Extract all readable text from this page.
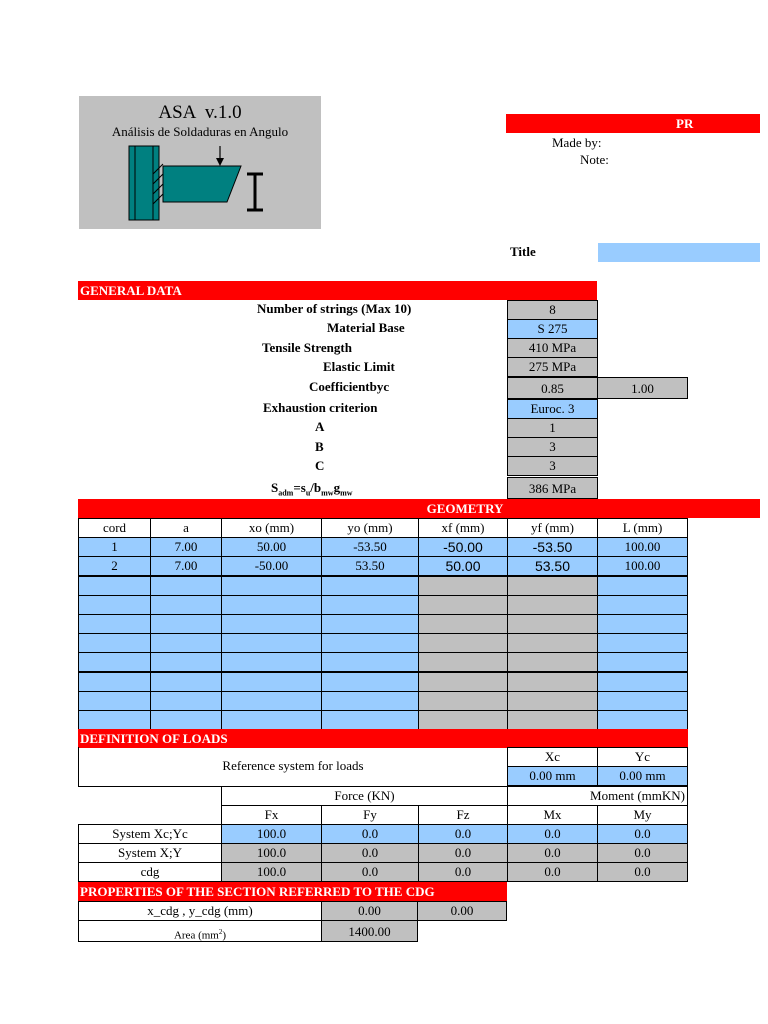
ASA  v.1.0
Análisis de Soldaduras en Angulo
PR
Made by:
Note:
Title
GENERAL DATA
Number of strings (Max 10)	8
Material Base	S 275
Tensile Strength	410 MPa
Elastic Limit	275 MPa
Coefficientbyc	0.85	1.00
Exhaustion criterion	Euroc. 3
A	1
B	3
C	3
$S_{adm}=s_u/b_{mw}g_{mw}$	386 MPa
GEOMETRY
cord	a	xo (mm)	yo (mm)	xf (mm)	yf (mm)	L (mm)
1	7.00	50.00	-53.50	-50.00	-53.50	100.00
2	7.00	-50.00	53.50	50.00	53.50	100.00
DEFINITION OF LOADS
Reference system for loads
Xc	Yc
0.00 mm	0.00 mm
Force (KN)	Moment (mmKN)
Fx	Fy	Fz	Mx	My
System Xc;Yc	100.0	0.0	0.0	0.0	0.0
System X;Y	100.0	0.0	0.0	0.0	0.0
cdg	100.0	0.0	0.0	0.0	0.0
PROPERTIES OF THE SECTION REFERRED TO THE CDG
x_cdg , y_cdg (mm)	0.00	0.00
Area $(mm^2)$	1400.00
